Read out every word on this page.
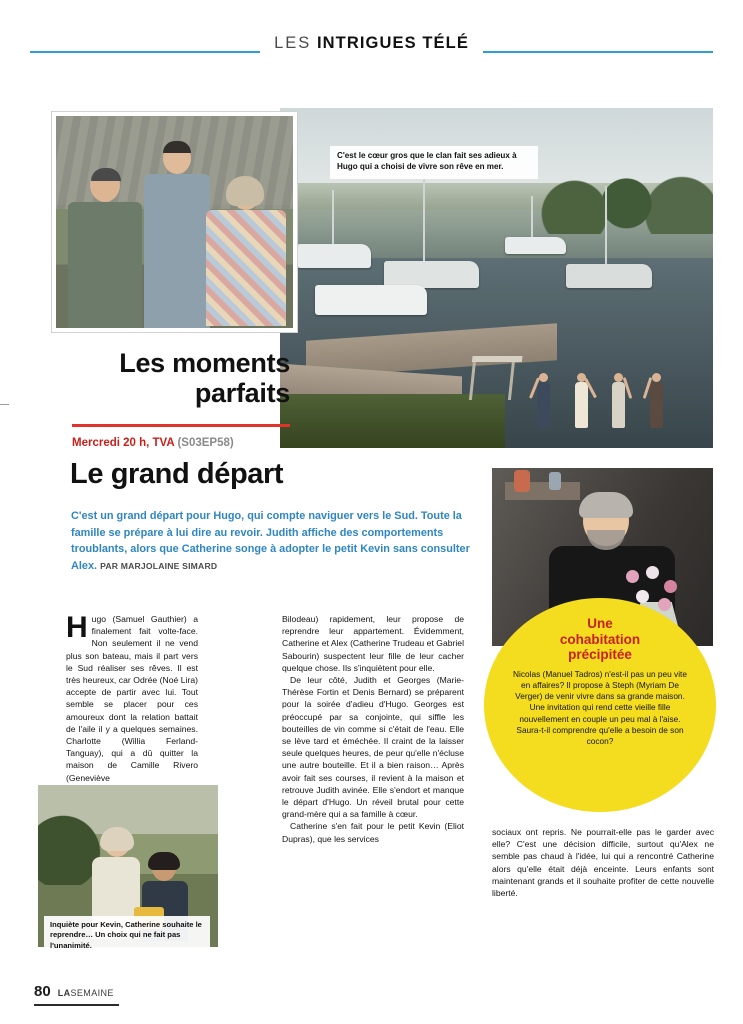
LES INTRIGUES TÉLÉ
C'est le cœur gros que le clan fait ses adieux à Hugo qui a choisi de vivre son rêve en mer.
Les moments
parfaits
Mercredi 20 h, TVA (S03EP58)
Le grand départ
C'est un grand départ pour Hugo, qui compte naviguer vers le Sud. Toute la famille se prépare à lui dire au revoir. Judith affiche des comportements troublants, alors que Catherine songe à adopter le petit Kevin sans consulter Alex. PAR MARJOLAINE SIMARD
Une
cohabitation
précipitée
Nicolas (Manuel Tadros) n'est-il pas un peu vite en affaires? Il propose à Steph (Myriam De Verger) de venir vivre dans sa grande maison. Une invitation qui rend cette vieille fille nouvellement en couple un peu mal à l'aise. Saura-t-il comprendre qu'elle a besoin de son cocon?

Hugo (Samuel Gauthier) a finalement fait volte-face. Non seulement il ne vend plus son bateau, mais il part vers le Sud réaliser ses rêves. Il est très heureux, car Odrée (Noé Lira) accepte de partir avec lui. Tout semble se placer pour ces amoureux dont la relation battait de l'aile il y a quelques semaines. Charlotte (Willia Ferland-Tanguay), qui a dû quitter la maison de Camille Rivero (Geneviève

Bilodeau) rapidement, leur propose de reprendre leur appartement. Évidemment, Catherine et Alex (Catherine Trudeau et Gabriel Sabourin) suspectent leur fille de leur cacher quelque chose. Ils s'inquiètent pour elle.

De leur côté, Judith et Georges (Marie-Thérèse Fortin et Denis Bernard) se préparent pour la soirée d'adieu d'Hugo. Georges est préoccupé par sa conjointe, qui siffle les bouteilles de vin comme si c'était de l'eau. Elle se lève tard et éméchée. Il craint de la laisser seule quelques heures, de peur qu'elle n'écluse une autre bouteille. Et il a bien raison… Après avoir fait ses courses, il revient à la maison et retrouve Judith avinée. Elle s'endort et manque le départ d'Hugo. Un réveil brutal pour cette grand-mère qui a sa famille à cœur.

Catherine s'en fait pour le petit Kevin (Eliot Dupras), que les services

sociaux ont repris. Ne pourrait-elle pas le garder avec elle? C'est une décision difficile, surtout qu'Alex ne semble pas chaud à l'idée, lui qui a rencontré Catherine alors qu'elle était déjà enceinte. Leurs enfants sont maintenant grands et il souhaite profiter de cette nouvelle liberté.

Inquiète pour Kevin, Catherine souhaite le reprendre… Un choix qui ne fait pas l'unanimité.
80 LASEMAINE
